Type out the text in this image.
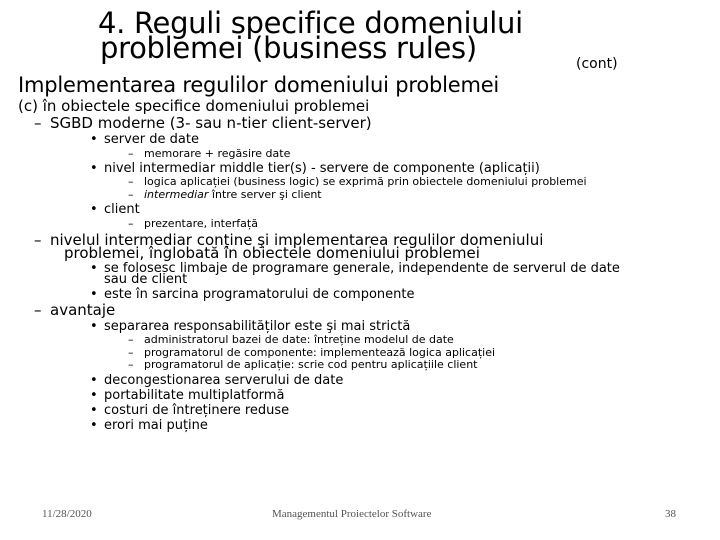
4. Reguli specifice domeniului
problemei (business rules)	(cont)
Implementarea regulilor domeniului problemei
(c) în obiectele specifice domeniului problemei
– SGBD moderne (3- sau n-tier client-server)
• server de date
– memorare + regăsire date
• nivel intermediar middle tier(s) - servere de componente (aplicații)
– logica aplicației (business logic) se exprimă prin obiectele domeniului problemei
– intermediar între server şi client
• client
– prezentare, interfață
– nivelul intermediar conține şi implementarea regulilor domeniului
problemei, înglobată în obiectele domeniului problemei
• se folosesc limbaje de programare generale, independente de serverul de date
sau de client
• este în sarcina programatorului de componente
– avantaje
• separarea responsabilităților este şi mai strictă
– administratorul bazei de date: întreține modelul de date
– programatorul de componente: implementează logica aplicației
– programatorul de aplicație: scrie cod pentru aplicațiile client
• decongestionarea serverului de date
• portabilitate multiplatformă
• costuri de întreținere reduse
• erori mai puține
11/28/2020	Managementul Proiectelor Software	38
